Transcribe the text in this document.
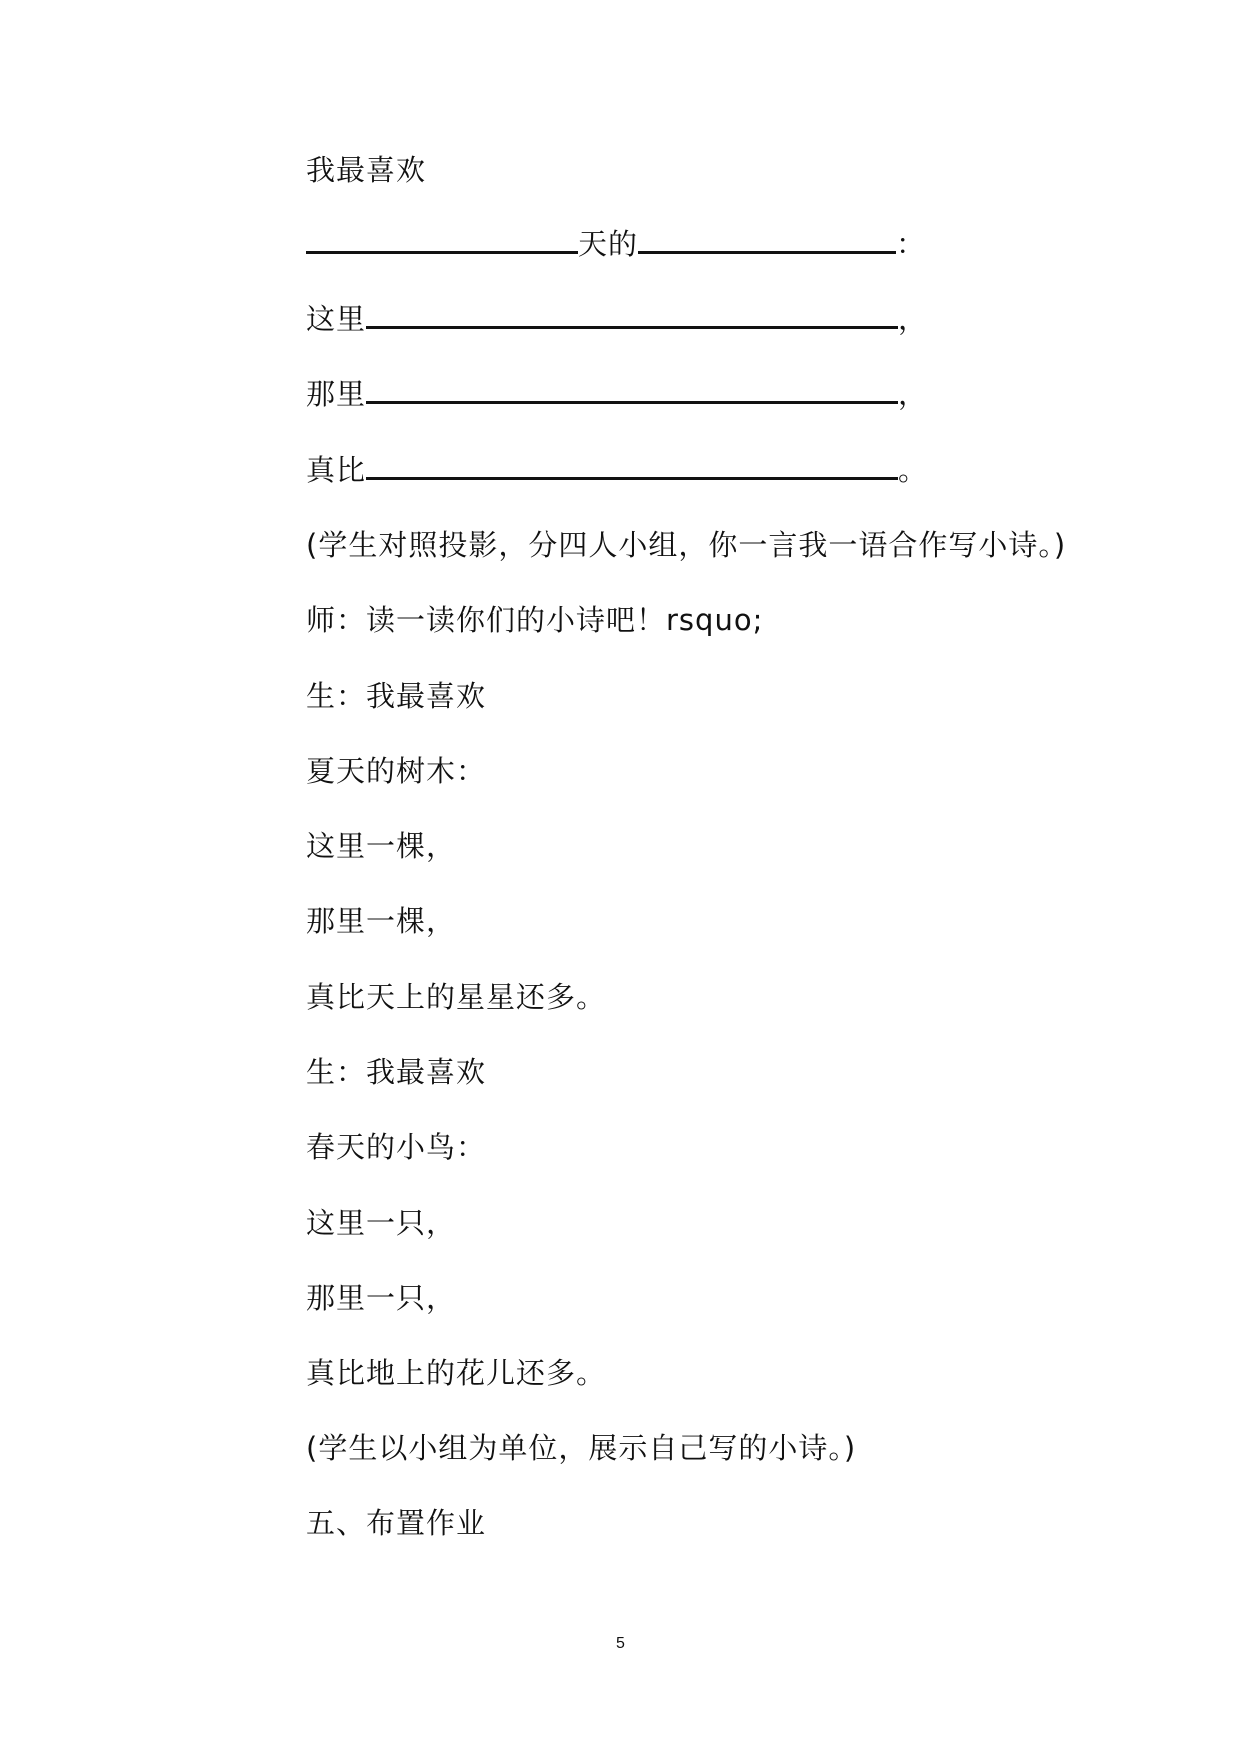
我最喜欢
天的	：
这里	，
那里	，
真比	。
(学生对照投影，分四人小组，你一言我一语合作写小诗。)
师：读一读你们的小诗吧！rsquo;
生：我最喜欢
夏天的树木：
这里一棵，
那里一棵，
真比天上的星星还多。
生：我最喜欢
春天的小鸟：
这里一只，
那里一只，
真比地上的花儿还多。
(学生以小组为单位，展示自己写的小诗。)
五、布置作业
5
